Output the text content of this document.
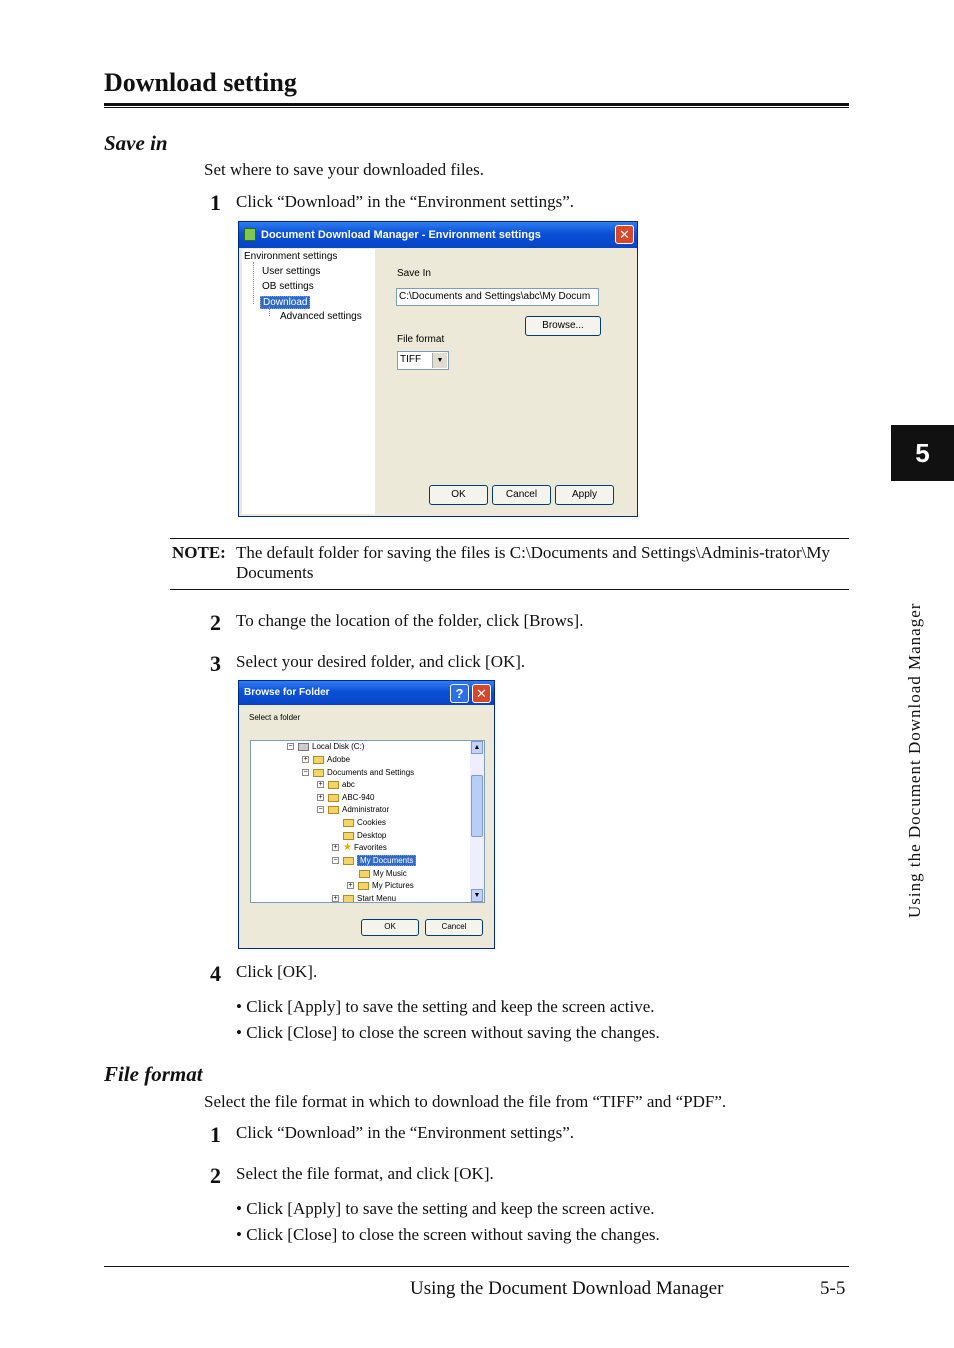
Download setting
Save in
Set where to save your downloaded files.
1 Click “Download” in the “Environment settings”.
Document Download Manager - Environment settings	✕
Environment settings
User settings
OB settings
Download
Advanced settings
Save In
C:\Documents and Settings\abc\My Docum
Browse...
File format
TIFF	▼
OK	Cancel	Apply
NOTE: The default folder for saving the files is C:\Documents and Settings\Adminis-trator\My Documents
2 To change the location of the folder, click [Brows].
3 Select your desired folder, and click [OK].
Browse for Folder	? ✕
Select a folder
− Local Disk (C:)
+ Adobe
− Documents and Settings
+ abc
+ ABC-940
− Administrator
Cookies
Desktop
+ ★ Favorites
−	My Documents
My Music
+ My Pictures
+ Start Menu
▲
▼
OK	Cancel
4 Click [OK].
• Click [Apply] to save the setting and keep the screen active.
• Click [Close] to close the screen without saving the changes.
File format
Select the file format in which to download the file from “TIFF” and “PDF”.
1 Click “Download” in the “Environment settings”.
2 Select the file format, and click [OK].
• Click [Apply] to save the setting and keep the screen active.
• Click [Close] to close the screen without saving the changes.
5
Using the Document Download Manager
Using the Document Download Manager	5-5
